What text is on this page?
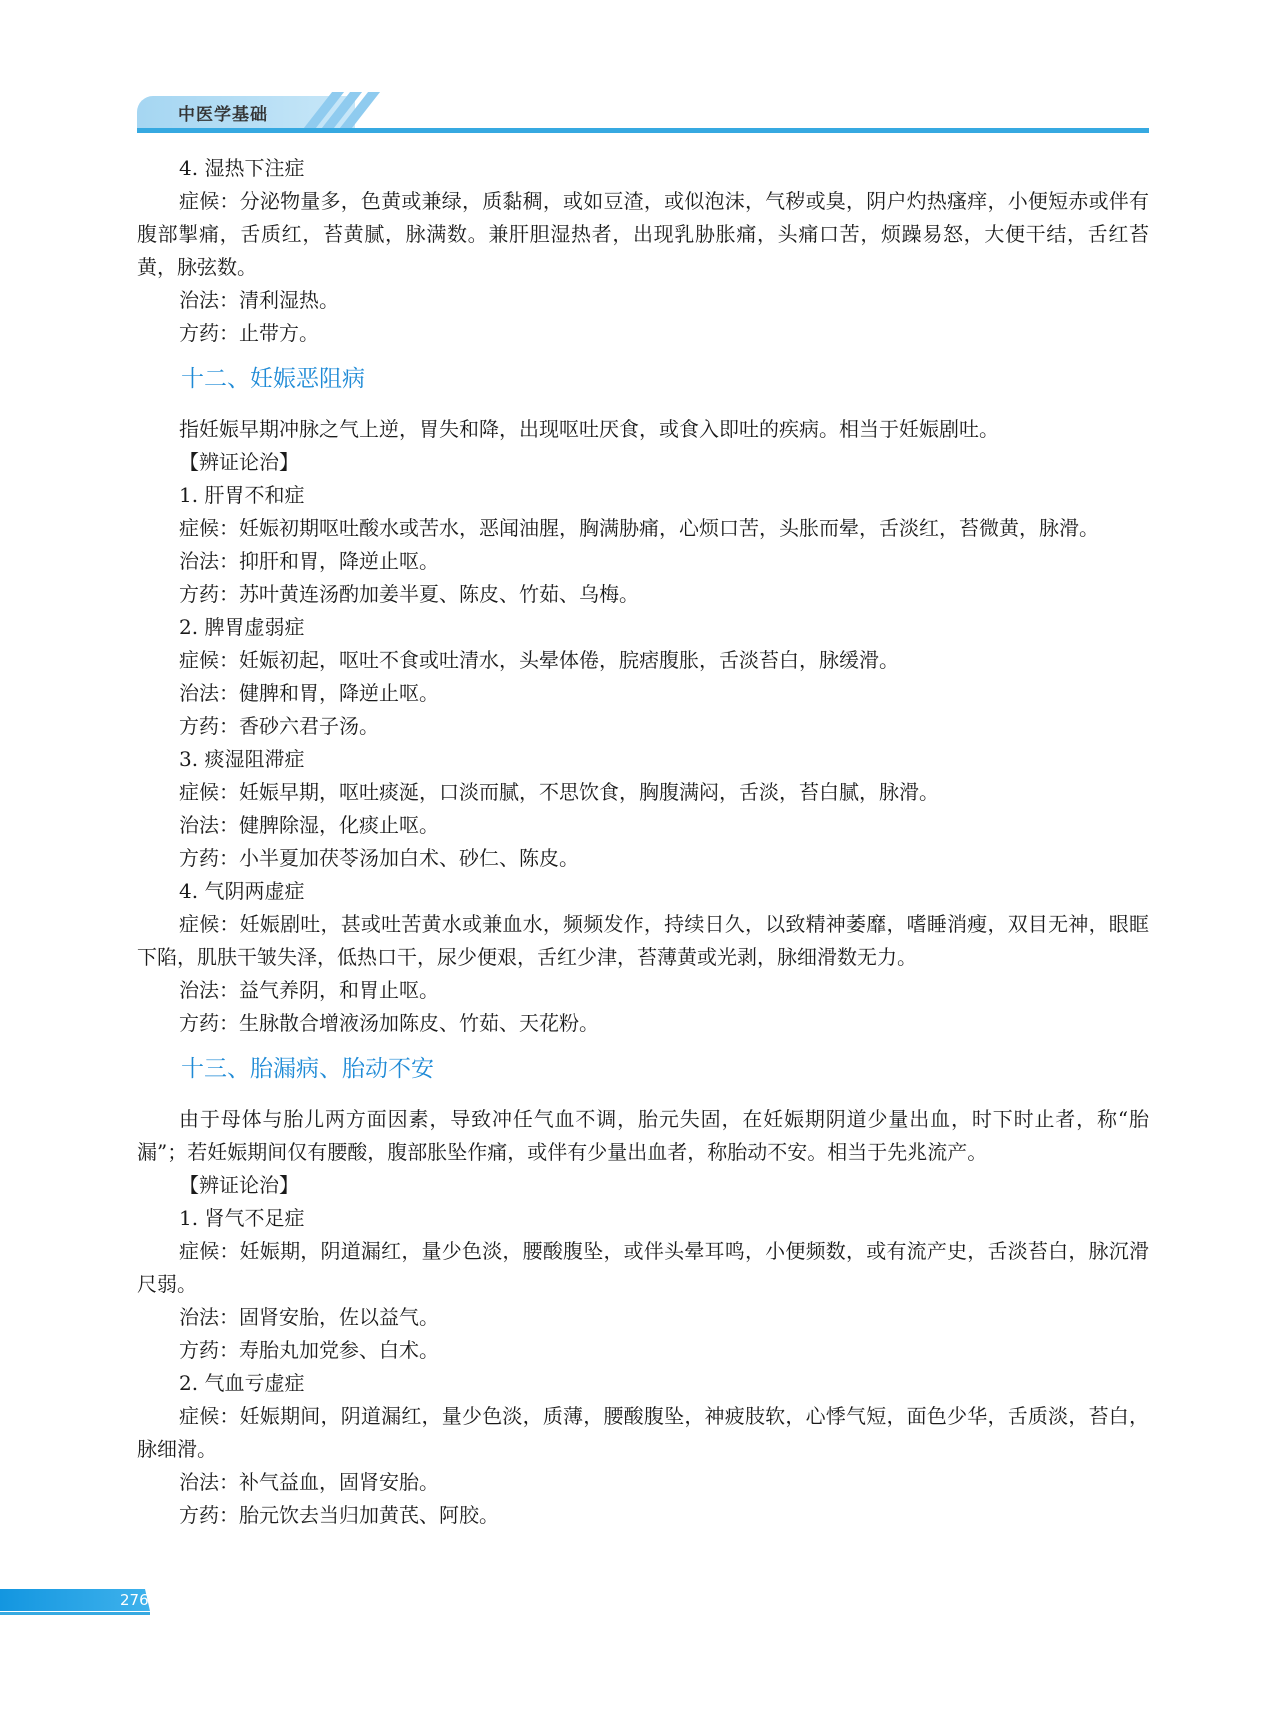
中医学基础

4. 湿热下注症

症候：分泌物量多，色黄或兼绿，质黏稠，或如豆渣，或似泡沫，气秽或臭，阴户灼热瘙痒，小便短赤或伴有腹部掣痛，舌质红，苔黄腻，脉满数。兼肝胆湿热者，出现乳胁胀痛，头痛口苦，烦躁易怒，大便干结，舌红苔黄，脉弦数。

治法：清利湿热。

方药：止带方。

十二、妊娠恶阻病

指妊娠早期冲脉之气上逆，胃失和降，出现呕吐厌食，或食入即吐的疾病。相当于妊娠剧吐。

【辨证论治】

1. 肝胃不和症

症候：妊娠初期呕吐酸水或苦水，恶闻油腥，胸满胁痛，心烦口苦，头胀而晕，舌淡红，苔微黄，脉滑。

治法：抑肝和胃，降逆止呕。

方药：苏叶黄连汤酌加姜半夏、陈皮、竹茹、乌梅。

2. 脾胃虚弱症

症候：妊娠初起，呕吐不食或吐清水，头晕体倦，脘痞腹胀，舌淡苔白，脉缓滑。

治法：健脾和胃，降逆止呕。

方药：香砂六君子汤。

3. 痰湿阻滞症

症候：妊娠早期，呕吐痰涎，口淡而腻，不思饮食，胸腹满闷，舌淡，苔白腻，脉滑。

治法：健脾除湿，化痰止呕。

方药：小半夏加茯苓汤加白术、砂仁、陈皮。

4. 气阴两虚症

症候：妊娠剧吐，甚或吐苦黄水或兼血水，频频发作，持续日久，以致精神萎靡，嗜睡消瘦，双目无神，眼眶下陷，肌肤干皱失泽，低热口干，尿少便艰，舌红少津，苔薄黄或光剥，脉细滑数无力。

治法：益气养阴，和胃止呕。

方药：生脉散合增液汤加陈皮、竹茹、天花粉。

十三、胎漏病、胎动不安

由于母体与胎儿两方面因素，导致冲任气血不调，胎元失固，在妊娠期阴道少量出血，时下时止者，称“胎漏”；若妊娠期间仅有腰酸，腹部胀坠作痛，或伴有少量出血者，称胎动不安。相当于先兆流产。

【辨证论治】

1. 肾气不足症

症候：妊娠期，阴道漏红，量少色淡，腰酸腹坠，或伴头晕耳鸣，小便频数，或有流产史，舌淡苔白，脉沉滑尺弱。

治法：固肾安胎，佐以益气。

方药：寿胎丸加党参、白术。

2. 气血亏虚症

症候：妊娠期间，阴道漏红，量少色淡，质薄，腰酸腹坠，神疲肢软，心悸气短，面色少华，舌质淡，苔白，脉细滑。

治法：补气益血，固肾安胎。

方药：胎元饮去当归加黄芪、阿胶。

276
